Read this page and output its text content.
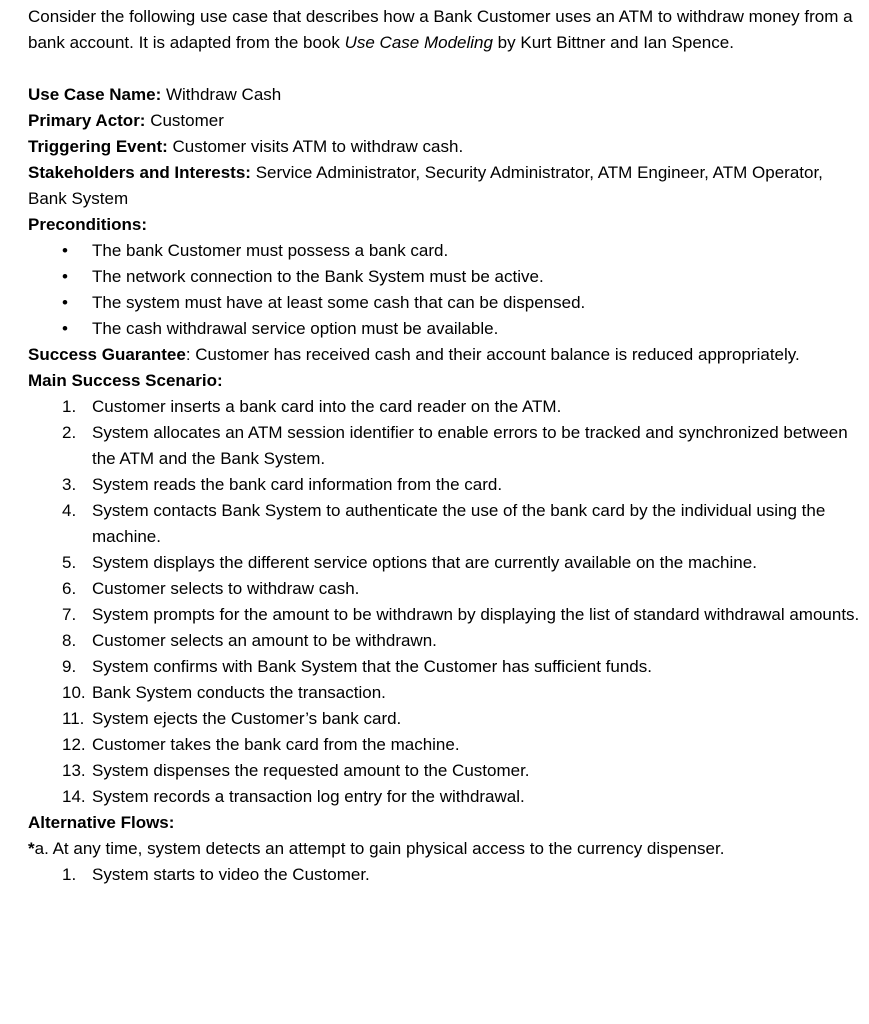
Consider the following use case that describes how a Bank Customer uses an ATM to withdraw money from a bank account. It is adapted from the book Use Case Modeling by Kurt Bittner and Ian Spence.

Use Case Name: Withdraw Cash

Primary Actor: Customer

Triggering Event: Customer visits ATM to withdraw cash.

Stakeholders and Interests: Service Administrator, Security Administrator, ATM Engineer, ATM Operator, Bank System

Preconditions:

• The bank Customer must possess a bank card.
• The network connection to the Bank System must be active.
• The system must have at least some cash that can be dispensed.
• The cash withdrawal service option must be available.

Success Guarantee: Customer has received cash and their account balance is reduced appropriately.

Main Success Scenario:

1. Customer inserts a bank card into the card reader on the ATM.
2. System allocates an ATM session identifier to enable errors to be tracked and synchronized between the ATM and the Bank System.
3. System reads the bank card information from the card.
4. System contacts Bank System to authenticate the use of the bank card by the individual using the machine.
5. System displays the different service options that are currently available on the machine.
6. Customer selects to withdraw cash.
7. System prompts for the amount to be withdrawn by displaying the list of standard withdrawal amounts.
8. Customer selects an amount to be withdrawn.
9. System confirms with Bank System that the Customer has sufficient funds.
10. Bank System conducts the transaction.
11. System ejects the Customer’s bank card.
12. Customer takes the bank card from the machine.
13. System dispenses the requested amount to the Customer.
14. System records a transaction log entry for the withdrawal.

Alternative Flows:

*a. At any time, system detects an attempt to gain physical access to the currency dispenser.

1. System starts to video the Customer.
